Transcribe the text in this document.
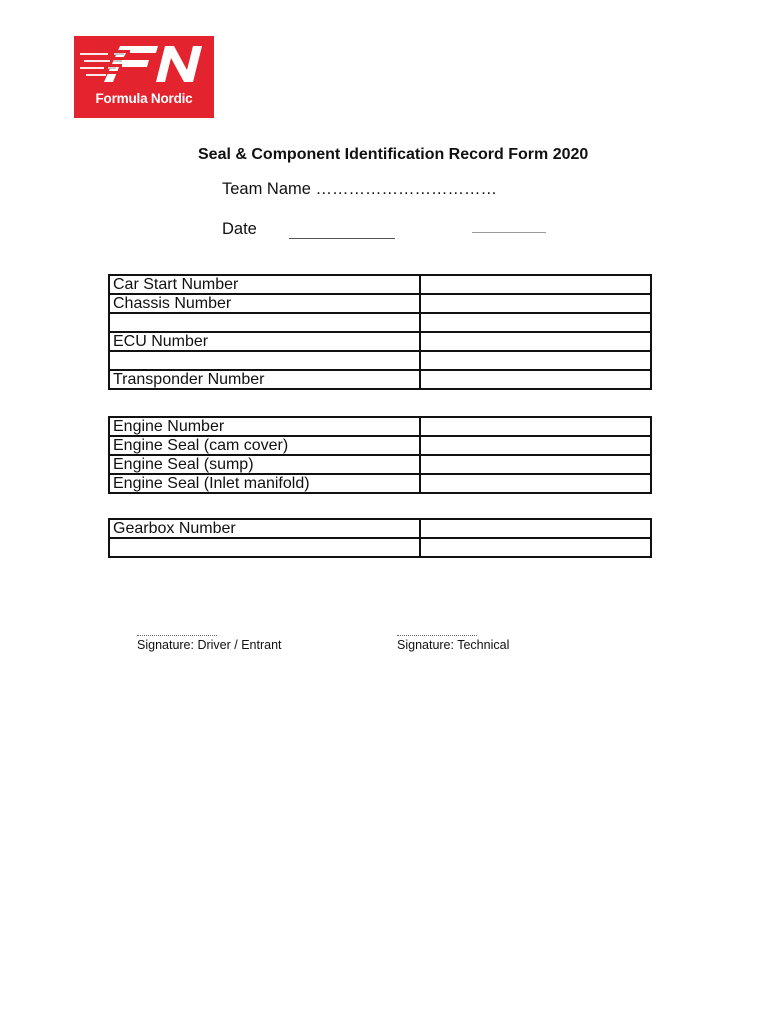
Formula Nordic
Seal & Component Identification Record Form 2020
Team Name ……………………………
Date
Car Start Number	
Chassis Number	

ECU Number	

Transponder Number	
Engine Number	
Engine Seal (cam cover)	
Engine Seal (sump)	
Engine Seal (Inlet manifold)	
Gearbox Number	

Signature: Driver / Entrant	Signature: Technical
